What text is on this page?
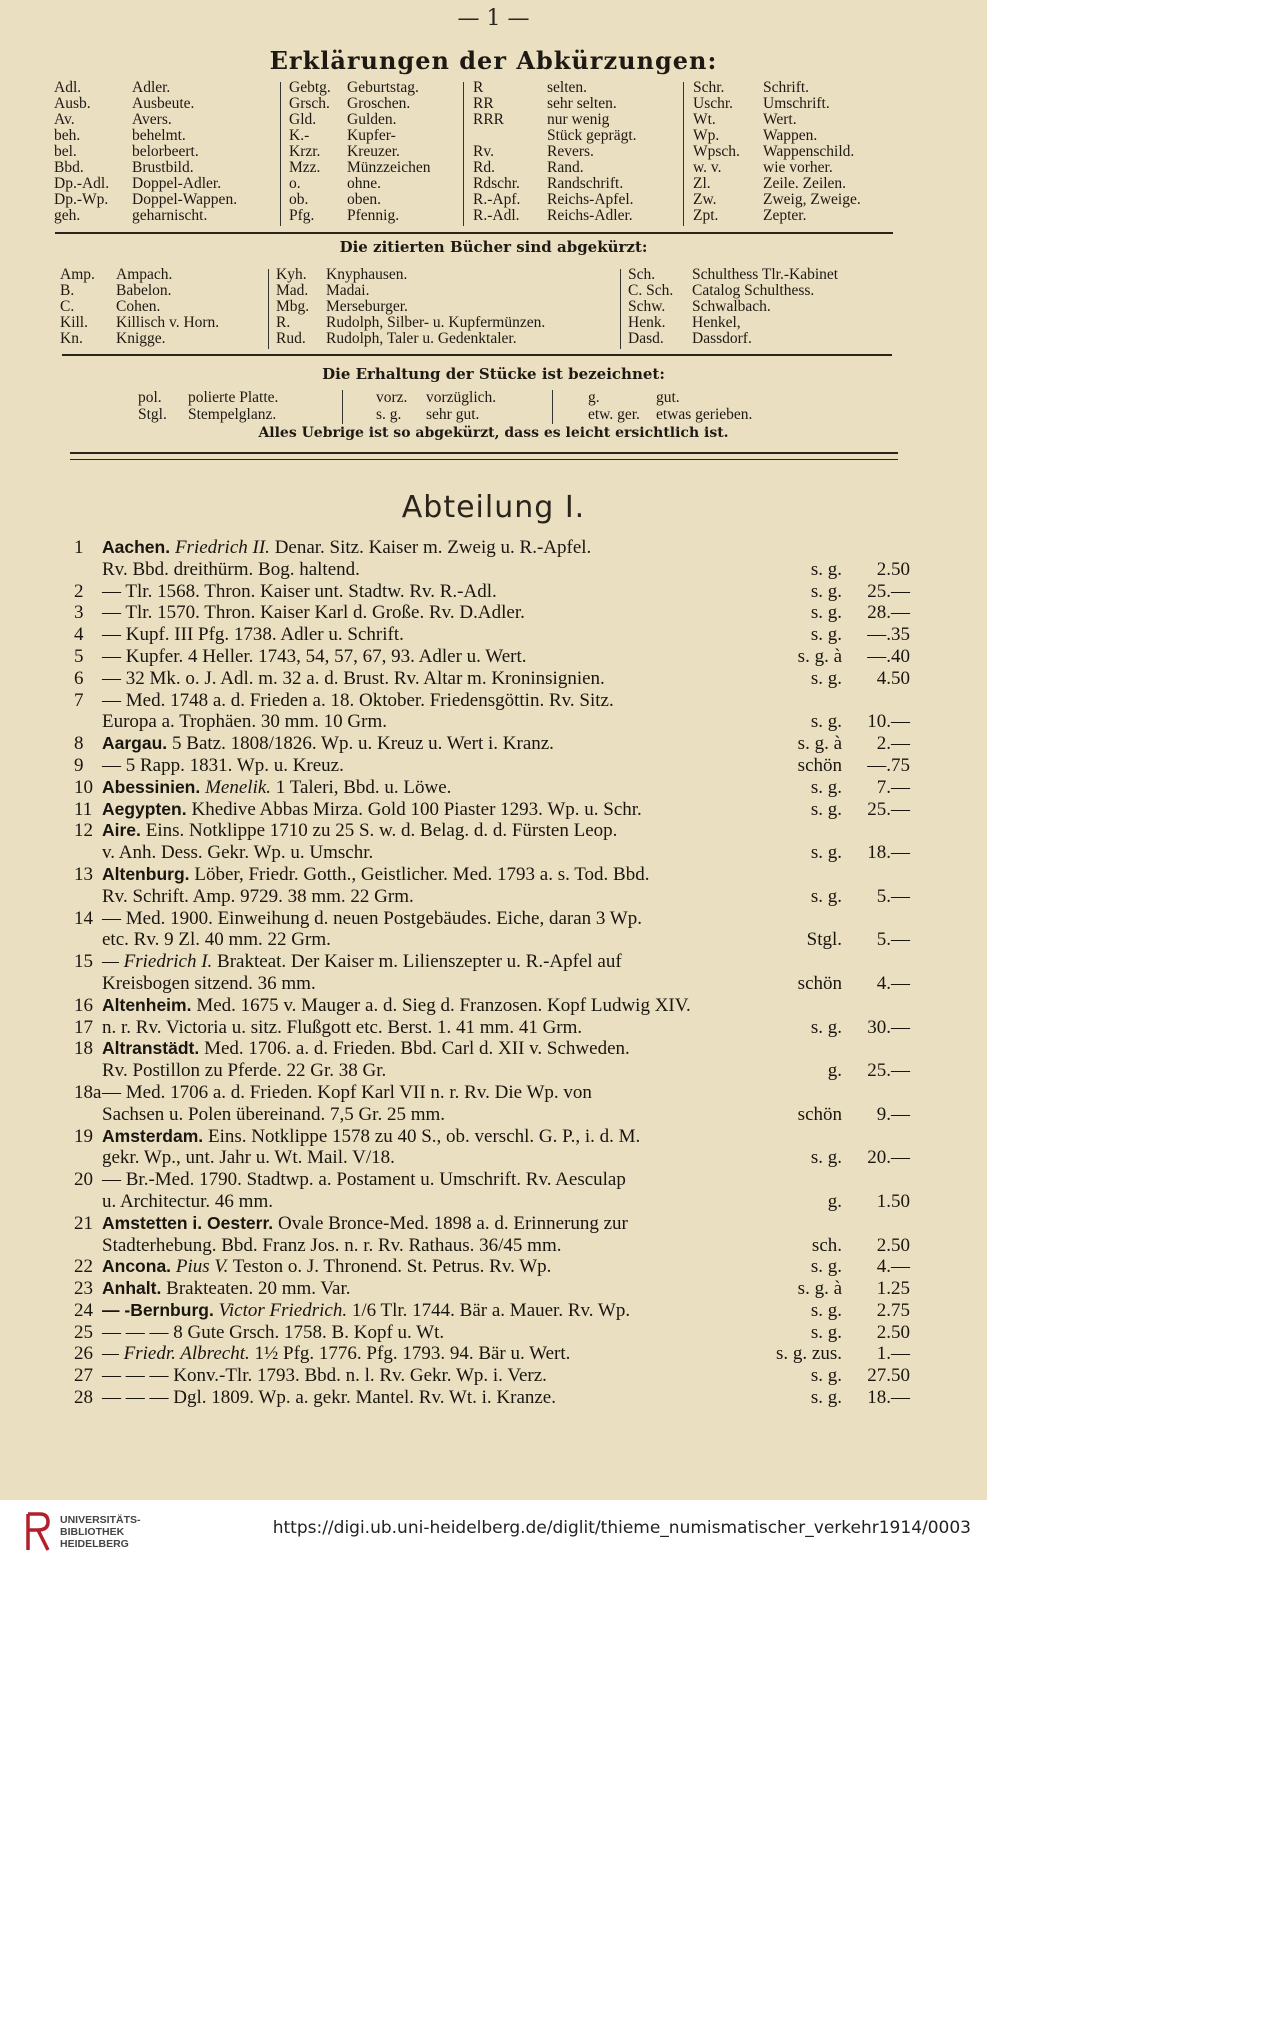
— 1 —
Erklärungen der Abkürzungen:
Adl.	Adler.
Ausb.	Ausbeute.
Av.	Avers.
beh.	behelmt.
bel.	belorbeert.
Bbd.	Brustbild.
Dp.-Adl.	Doppel-Adler.
Dp.-Wp.	Doppel-Wappen.
geh.	geharnischt.
Gebtg.	Geburtstag.
Grsch.	Groschen.
Gld.	Gulden.
K.-	Kupfer-
Krzr.	Kreuzer.
Mzz.	Münzzeichen
o.	ohne.
ob.	oben.
Pfg.	Pfennig.
R	selten.
RR	sehr selten.
RRR	nur wenig
Stück geprägt.
Rv.	Revers.
Rd.	Rand.
Rdschr.	Randschrift.
R.-Apf.	Reichs-Apfel.
R.-Adl.	Reichs-Adler.
Schr.	Schrift.
Uschr.	Umschrift.
Wt.	Wert.
Wp.	Wappen.
Wpsch.	Wappenschild.
w. v.	wie vorher.
Zl.	Zeile. Zeilen.
Zw.	Zweig, Zweige.
Zpt.	Zepter.
Die zitierten Bücher sind abgekürzt:
Amp.	Ampach.
B.	Babelon.
C.	Cohen.
Kill.	Killisch v. Horn.
Kn.	Knigge.
Kyh.	Knyphausen.
Mad.	Madai.
Mbg.	Merseburger.
R.	Rudolph, Silber- u. Kupfermünzen.
Rud.	Rudolph, Taler u. Gedenktaler.
Sch.	Schulthess Tlr.-Kabinet
C. Sch.	Catalog Schulthess.
Schw.	Schwalbach.
Henk.	Henkel,
Dasd.	Dassdorf.
Die Erhaltung der Stücke ist bezeichnet:
pol. polierte Platte.
Stgl. Stempelglanz.
vorz. vorzüglich.
s. g. sehr gut.
g.	gut.
etw. ger. etwas gerieben.
Alles Uebrige ist so abgekürzt, dass es leicht ersichtlich ist.
Abteilung I.
1	Aachen. Friedrich II. Denar. Sitz. Kaiser m. Zweig u. R.-Apfel.
Rv. Bbd. dreithürm. Bog. haltend.	s. g. 2.50
2 — Tlr. 1568. Thron. Kaiser unt. Stadtw. Rv. R.-Adl.	s. g. 25.—
3 — Tlr. 1570. Thron. Kaiser Karl d. Große. Rv. D.Adler.	s. g. 28.—
4 — Kupf. III Pfg. 1738. Adler u. Schrift.	s. g. —.35
5 — Kupfer. 4 Heller. 1743, 54, 57, 67, 93. Adler u. Wert.	s. g. à —.40
6 — 32 Mk. o. J. Adl. m. 32 a. d. Brust. Rv. Altar m. Kroninsignien.	s. g. 4.50
7 — Med. 1748 a. d. Frieden a. 18. Oktober. Friedensgöttin. Rv. Sitz.
Europa a. Trophäen. 30 mm. 10 Grm.	s. g. 10.—
8	Aargau. 5 Batz. 1808/1826. Wp. u. Kreuz u. Wert i. Kranz.	s. g. à 2.—
9 — 5 Rapp. 1831. Wp. u. Kreuz.	schön —.75
10 Abessinien. Menelik. 1 Taleri, Bbd. u. Löwe.	s. g. 7.—
11 Aegypten. Khedive Abbas Mirza. Gold 100 Piaster 1293. Wp. u. Schr.	s. g. 25.—
12 Aire. Eins. Notklippe 1710 zu 25 S. w. d. Belag. d. d. Fürsten Leop.
v. Anh. Dess. Gekr. Wp. u. Umschr.	s. g. 18.—
13 Altenburg. Löber, Friedr. Gotth., Geistlicher. Med. 1793 a. s. Tod. Bbd.
Rv. Schrift. Amp. 9729. 38 mm. 22 Grm.	s. g. 5.—
14 — Med. 1900. Einweihung d. neuen Postgebäudes. Eiche, daran 3 Wp.
etc. Rv. 9 Zl. 40 mm. 22 Grm.	Stgl. 5.—
15 — Friedrich I. Brakteat. Der Kaiser m. Lilienszepter u. R.-Apfel auf
Kreisbogen sitzend. 36 mm.	schön 4.—
16 Altenheim. Med. 1675 v. Mauger a. d. Sieg d. Franzosen. Kopf Ludwig XIV.
17 n. r. Rv. Victoria u. sitz. Flußgott etc. Berst. 1. 41 mm. 41 Grm.	s. g. 30.—
18 Altranstädt. Med. 1706. a. d. Frieden. Bbd. Carl d. XII v. Schweden.
Rv. Postillon zu Pferde. 22 Gr. 38 Gr.	g. 25.—
18a — Med. 1706 a. d. Frieden. Kopf Karl VII n. r. Rv. Die Wp. von
Sachsen u. Polen übereinand. 7,5 Gr. 25 mm.	schön 9.—
19 Amsterdam. Eins. Notklippe 1578 zu 40 S., ob. verschl. G. P., i. d. M.
gekr. Wp., unt. Jahr u. Wt. Mail. V/18.	s. g. 20.—
20 — Br.-Med. 1790. Stadtwp. a. Postament u. Umschrift. Rv. Aesculap
u. Architectur. 46 mm.	g. 1.50
21 Amstetten i. Oesterr. Ovale Bronce-Med. 1898 a. d. Erinnerung zur
Stadterhebung. Bbd. Franz Jos. n. r. Rv. Rathaus. 36/45 mm.	sch. 2.50
22 Ancona. Pius V. Teston o. J. Thronend. St. Petrus. Rv. Wp.	s. g. 4.—
23 Anhalt. Brakteaten. 20 mm. Var.	s. g. à 1.25
24 — -Bernburg. Victor Friedrich. 1/6 Tlr. 1744. Bär a. Mauer. Rv. Wp.	s. g. 2.75
25 — — — 8 Gute Grsch. 1758. B. Kopf u. Wt.	s. g. 2.50
26 — Friedr. Albrecht. 1½ Pfg. 1776. Pfg. 1793. 94. Bär u. Wert.	s. g. zus. 1.—
27 — — — Konv.-Tlr. 1793. Bbd. n. l. Rv. Gekr. Wp. i. Verz.	s. g. 27.50
28 — — — Dgl. 1809. Wp. a. gekr. Mantel. Rv. Wt. i. Kranze.	s. g. 18.—
UNIVERSITÄTS-
BIBLIOTHEK
HEIDELBERG
https://digi.ub.uni-heidelberg.de/diglit/thieme_numismatischer_verkehr1914/0003
